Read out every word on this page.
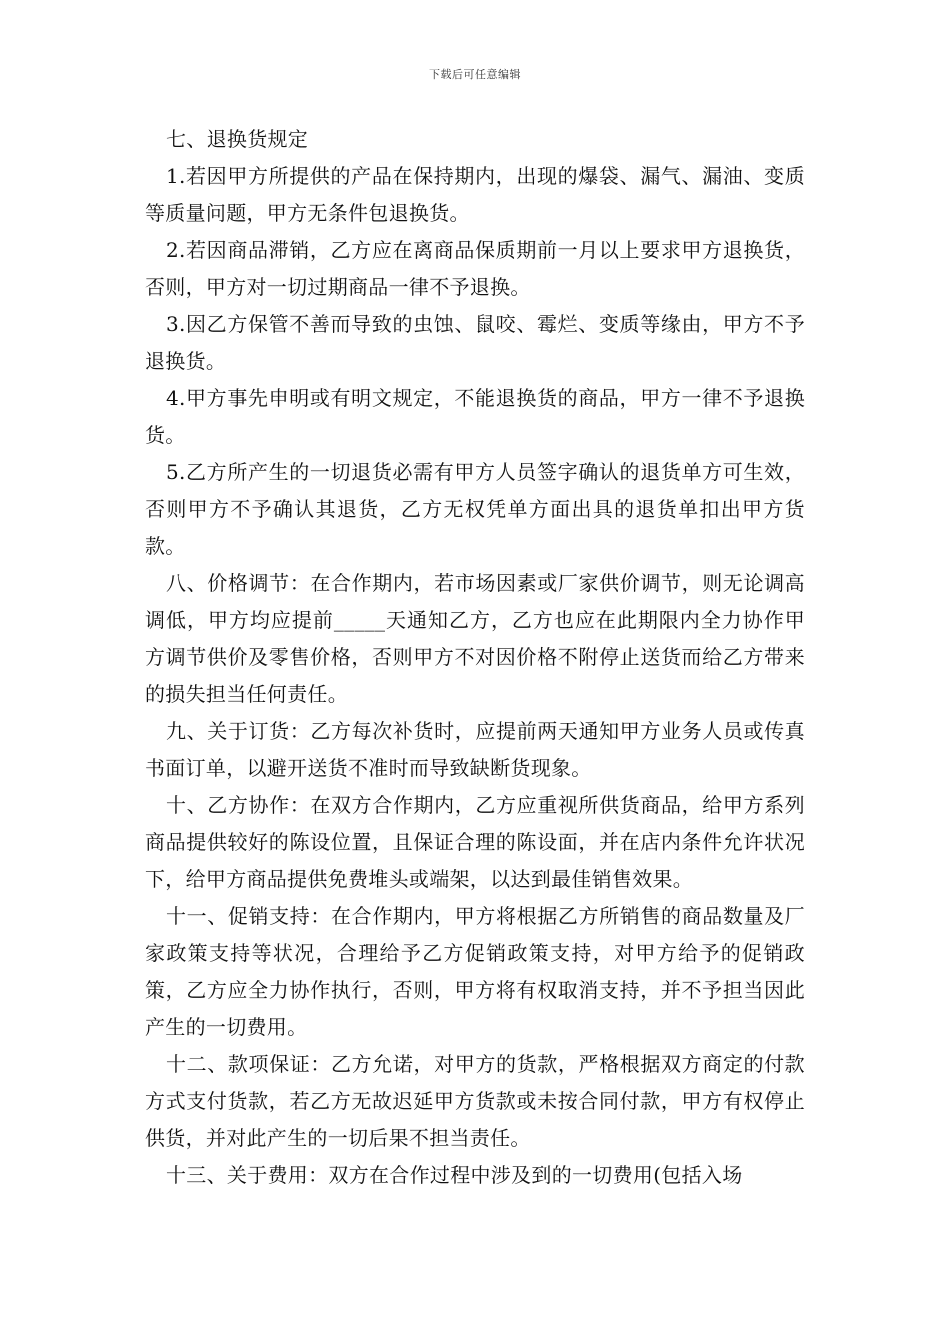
下载后可任意编辑

七、退换货规定

1.若因甲方所提供的产品在保持期内，出现的爆袋、漏气、漏油、变质等质量问题，甲方无条件包退换货。

2.若因商品滞销，乙方应在离商品保质期前一月以上要求甲方退换货，否则，甲方对一切过期商品一律不予退换。

3.因乙方保管不善而导致的虫蚀、鼠咬、霉烂、变质等缘由，甲方不予退换货。

4.甲方事先申明或有明文规定，不能退换货的商品，甲方一律不予退换货。

5.乙方所产生的一切退货必需有甲方人员签字确认的退货单方可生效，否则甲方不予确认其退货，乙方无权凭单方面出具的退货单扣出甲方货款。

八、价格调节：在合作期内，若市场因素或厂家供价调节，则无论调高调低，甲方均应提前_____天通知乙方，乙方也应在此期限内全力协作甲方调节供价及零售价格，否则甲方不对因价格不附停止送货而给乙方带来的损失担当任何责任。

九、关于订货：乙方每次补货时，应提前两天通知甲方业务人员或传真书面订单，以避开送货不准时而导致缺断货现象。

十、乙方协作：在双方合作期内，乙方应重视所供货商品，给甲方系列商品提供较好的陈设位置，且保证合理的陈设面，并在店内条件允许状况下，给甲方商品提供免费堆头或端架，以达到最佳销售效果。

十一、促销支持：在合作期内，甲方将根据乙方所销售的商品数量及厂家政策支持等状况，合理给予乙方促销政策支持，对甲方给予的促销政策，乙方应全力协作执行，否则，甲方将有权取消支持，并不予担当因此产生的一切费用。

十二、款项保证：乙方允诺，对甲方的货款，严格根据双方商定的付款方式支付货款，若乙方无故迟延甲方货款或未按合同付款，甲方有权停止供货，并对此产生的一切后果不担当责任。

十三、关于费用：双方在合作过程中涉及到的一切费用(包括入场
